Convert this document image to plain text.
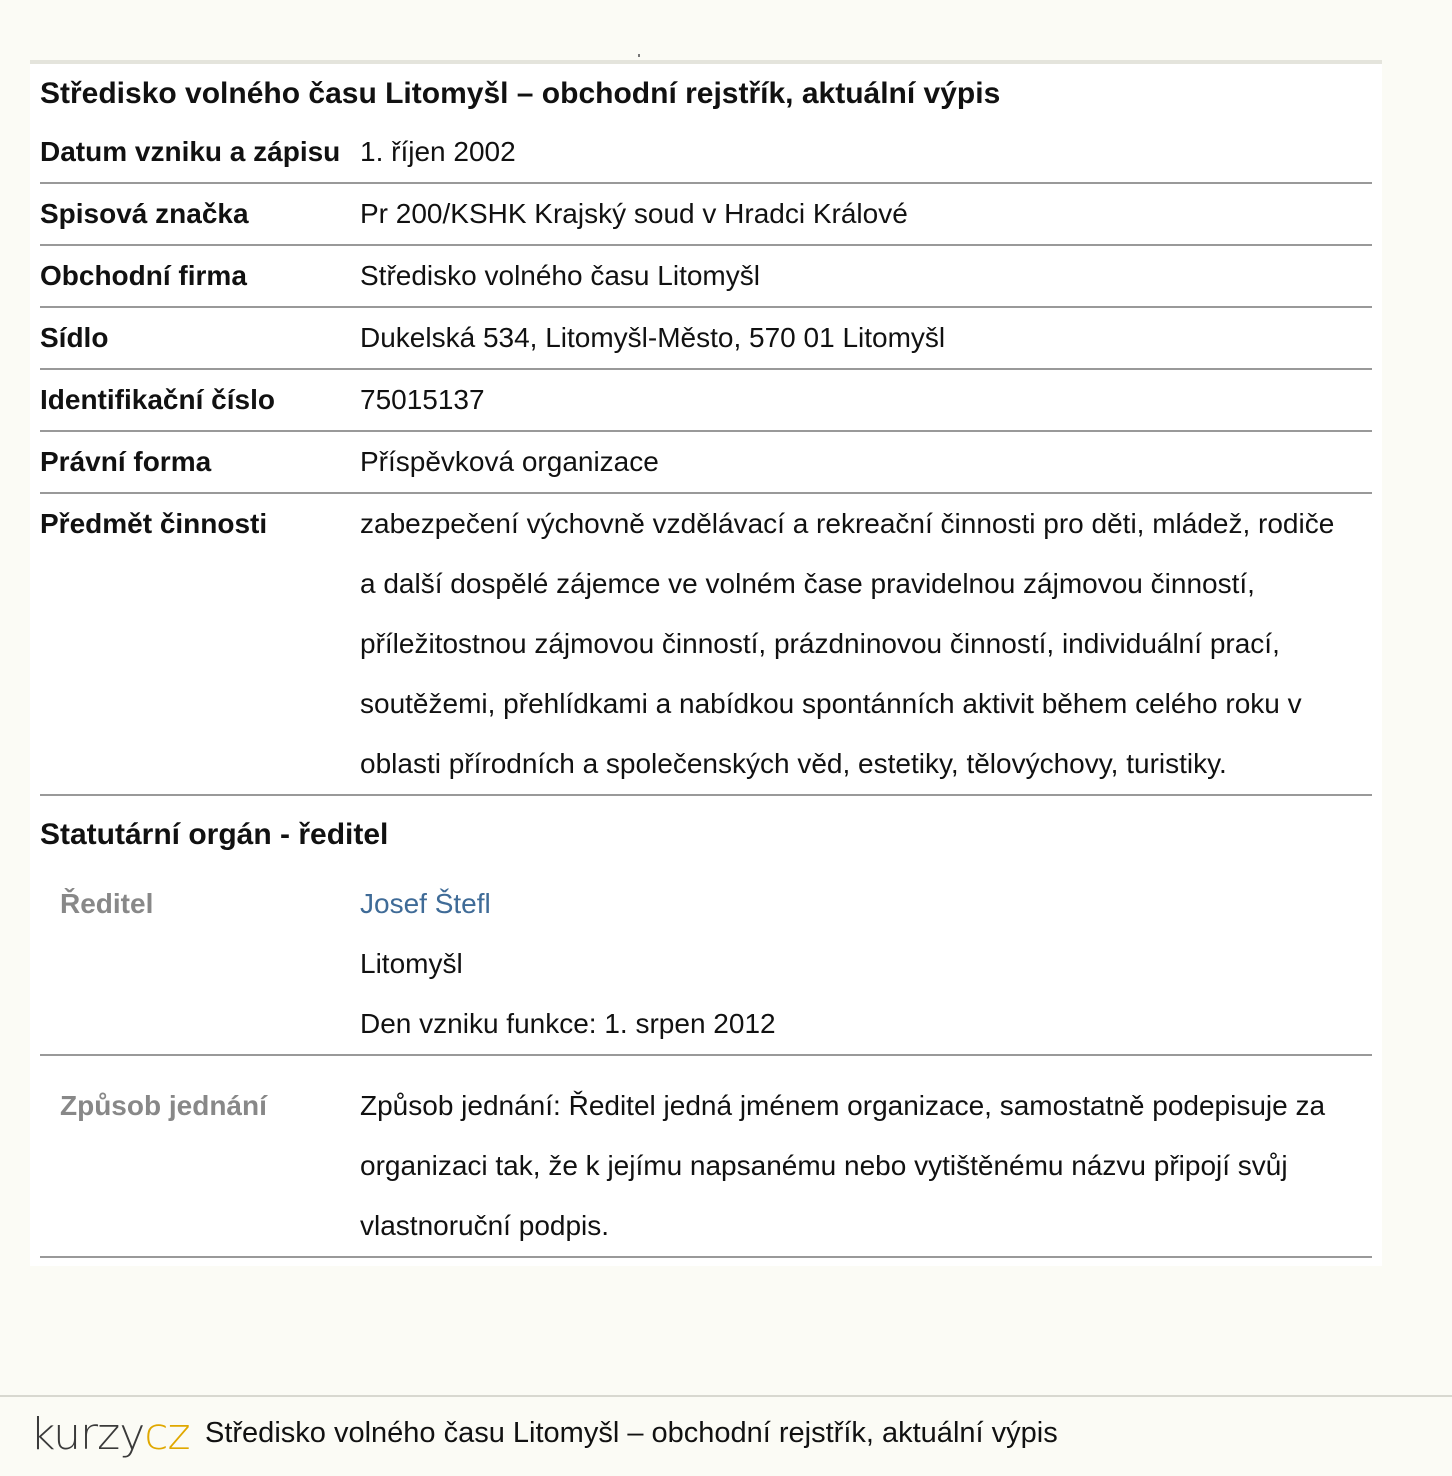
Středisko volného času Litomyšl – obchodní rejstřík, aktuální výpis
Datum vzniku a zápisu 1. říjen 2002
Spisová značka	Pr 200/KSHK Krajský soud v Hradci Králové
Obchodní firma	Středisko volného času Litomyšl
Sídlo	Dukelská 534, Litomyšl-Město, 570 01 Litomyšl
Identifikační číslo	75015137
Právní forma	Příspěvková organizace
Předmět činnosti	zabezpečení výchovně vzdělávací a rekreační činnosti pro děti, mládež, rodiče a další dospělé zájemce ve volném čase pravidelnou zájmovou činností, příležitostnou zájmovou činností, prázdninovou činností, individuální prací, soutěžemi, přehlídkami a nabídkou spontánních aktivit během celého roku v oblasti přírodních a společenských věd, estetiky, tělovýchovy, turistiky.
Statutární orgán - ředitel
Ředitel	Josef Štefl
Litomyšl
Den vzniku funkce: 1. srpen 2012
Způsob jednání	Způsob jednání: Ředitel jedná jménem organizace, samostatně podepisuje za organizaci tak, že k jejímu napsanému nebo vytištěnému názvu připojí svůj vlastnoruční podpis.
kurzycz Středisko volného času Litomyšl – obchodní rejstřík, aktuální výpis
